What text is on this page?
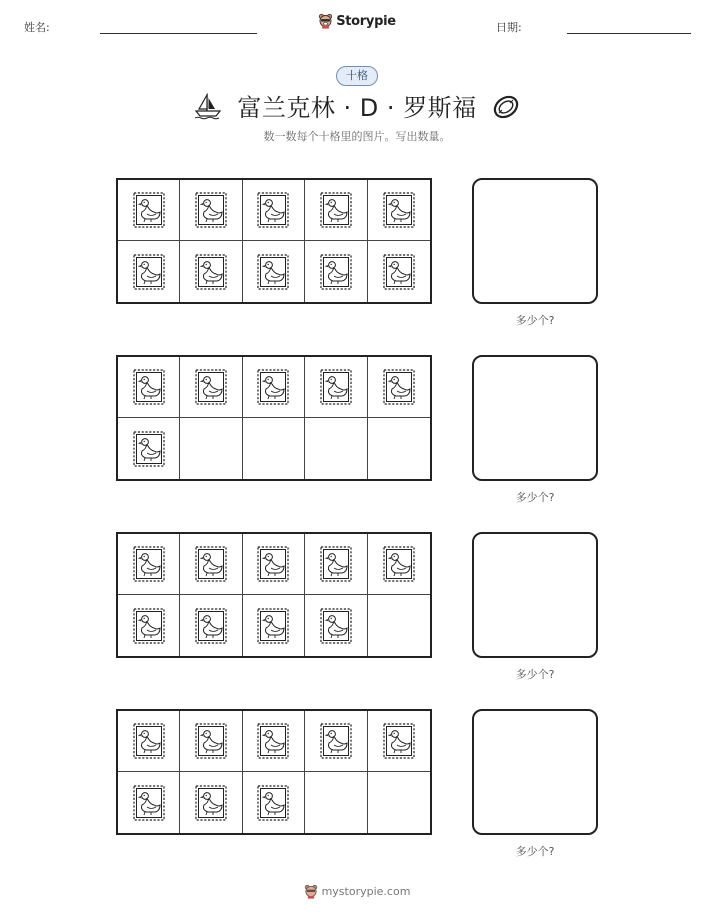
姓名:	日期:
Storypie
十格
富兰克林 · D · 罗斯福
数一数每个十格里的图片。写出数量。
多少个?
多少个?
多少个?
多少个?
mystorypie.com
